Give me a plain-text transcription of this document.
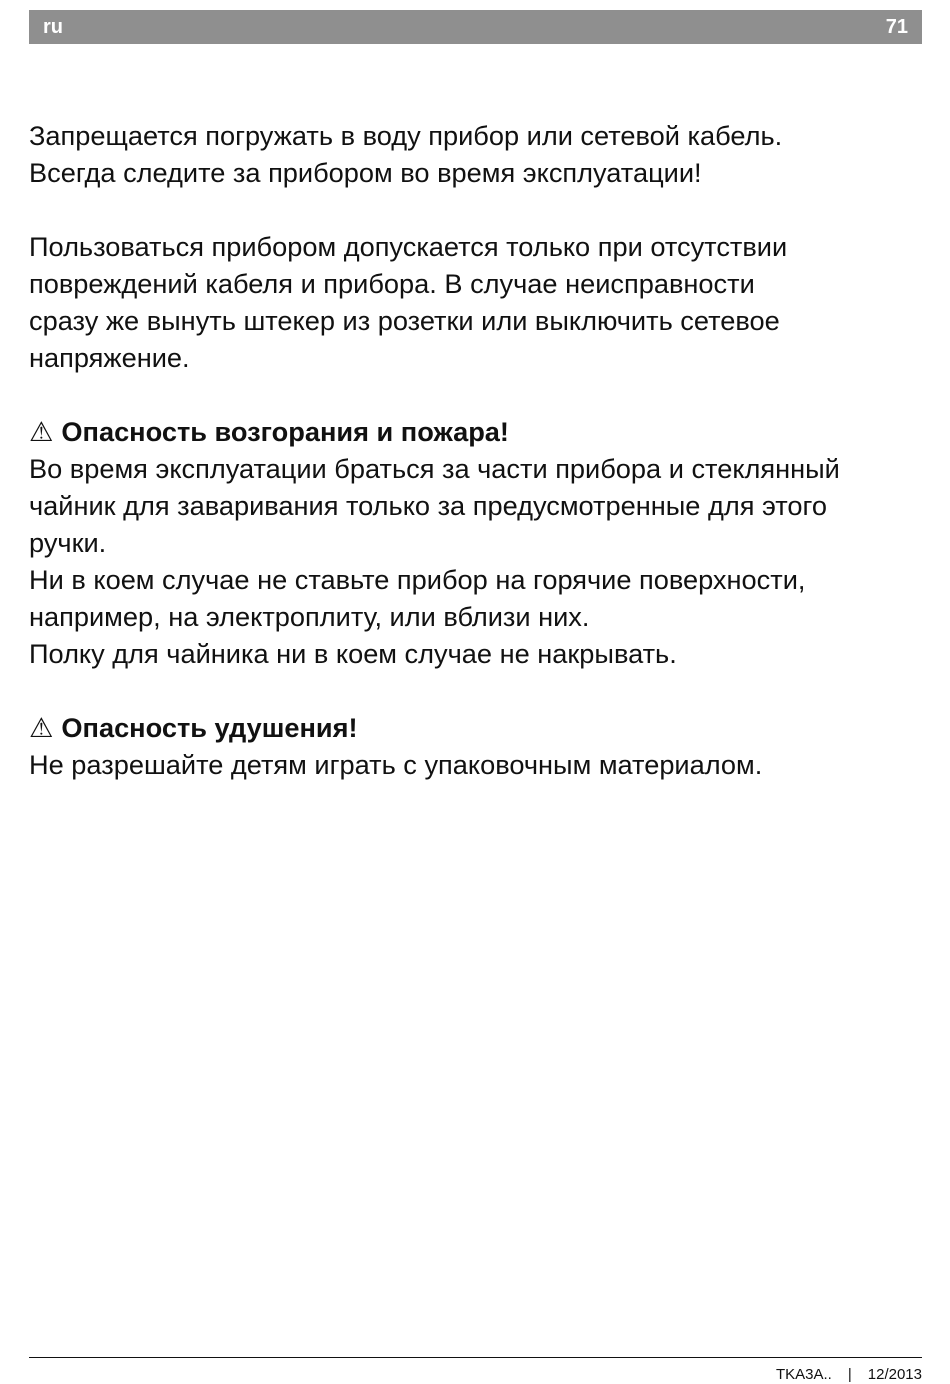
ru	71
Запрещается погружать в воду прибор или сетевой кабель.
Всегда следите за прибором во время эксплуатации!
Пользоваться прибором допускается только при отсутствии
повреждений кабеля и прибора. В случае неисправности
сразу же вынуть штекер из розетки или выключить сетевое
напряжение.
⚠ Опасность возгорания и пожара!
Во время эксплуатации браться за части прибора и стеклянный
чайник для заваривания только за предусмотренные для этого
ручки.
Ни в коем случае не ставьте прибор на горячие поверхности,
например, на электроплиту, или вблизи них.
Полку для чайника ни в коем случае не накрывать.
⚠ Опасность удушения!
Не разрешайте детям играть с упаковочным материалом.
TKA3A.. | 12/2013
